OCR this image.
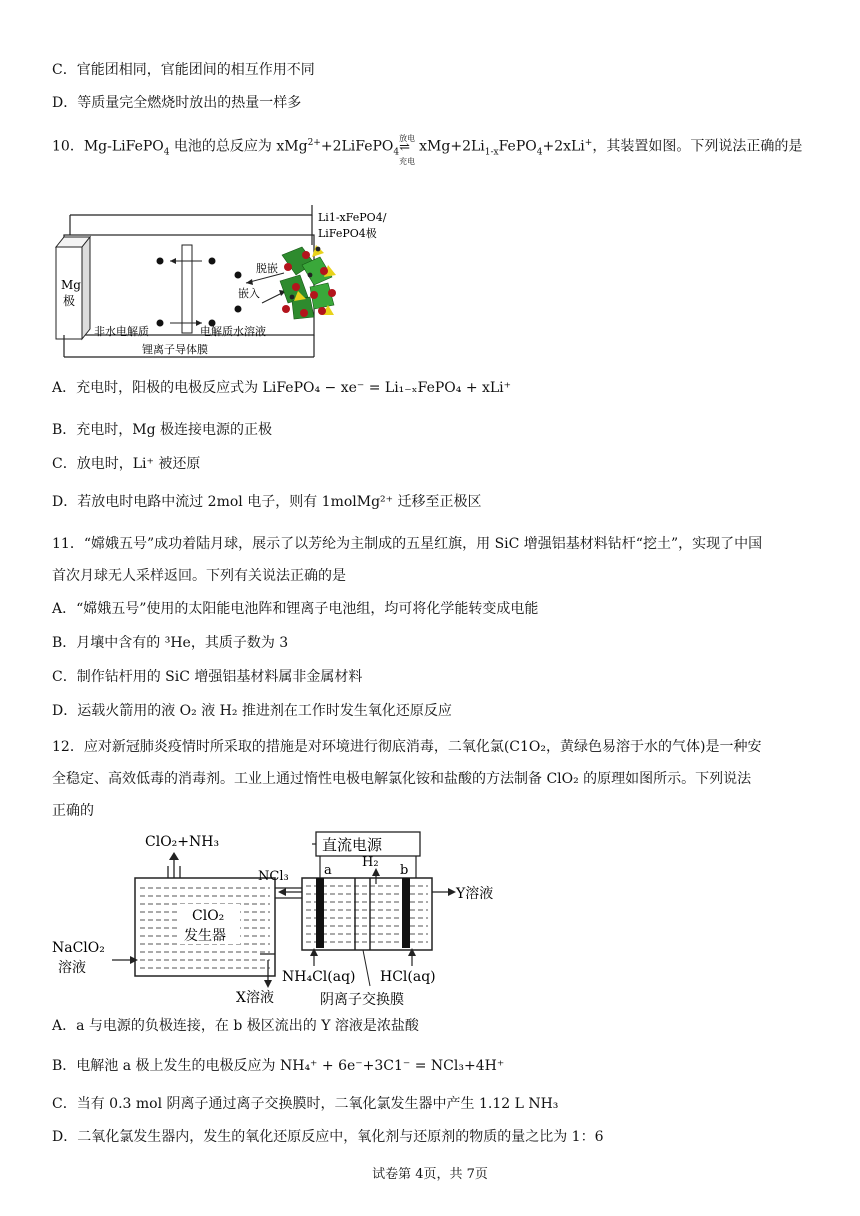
C．官能团相同，官能团间的相互作用不同
D．等质量完全燃烧时放出的热量一样多
10．Mg-LiFePO$_4$ 电池的总反应为 xMg$^{2+}$+2LiFePO$_4$
放电
⇌
充电
$xMg+2Li_{1-x}FePO_4+2xLi^+$，其装置如图。下列说法正确的是
Mg
极
脱嵌
嵌入
Li1-xFePO4/
LiFePO4极
非水电解质	电解质水溶液
锂离子导体膜
A．充电时，阳极的电极反应式为 LiFePO₄ − xe⁻ = Li₁₋ₓFePO₄ + xLi⁺
B．充电时，Mg 极连接电源的正极
C．放电时，Li⁺ 被还原
D．若放电时电路中流过 2mol 电子，则有 1molMg²⁺ 迁移至正极区
11．“嫦娥五号”成功着陆月球，展示了以芳纶为主制成的五星红旗，用 SiC 增强铝基材料钻杆“挖土”，实现了中国
首次月球无人采样返回。下列有关说法正确的是
A．“嫦娥五号”使用的太阳能电池阵和锂离子电池组，均可将化学能转变成电能
B．月壤中含有的 ³He，其质子数为 3
C．制作钻杆用的 SiC 增强铝基材料属非金属材料
D．运载火箭用的液 O₂ 液 H₂ 推进剂在工作时发生氧化还原反应
12．应对新冠肺炎疫情时所采取的措施是对环境进行彻底消毒，二氧化氯(C1O₂，黄绿色易溶于水的气体)是一种安
全稳定、高效低毒的消毒剂。工业上通过惰性电极电解氯化铵和盐酸的方法制备 ClO₂ 的原理如图所示。下列说法
正确的
ClO₂+NH₃
ClO₂
发生器
NaClO₂
溶液
X溶液
NCl₃
直流电源
a	b
H₂
Y溶液
NH₄Cl(aq) HCl(aq)
阴离子交换膜
A．a 与电源的负极连接，在 b 极区流出的 Y 溶液是浓盐酸
B．电解池 a 极上发生的电极反应为 NH₄⁺ + 6e⁻+3C1⁻ = NCl₃+4H⁺
C．当有 0.3 mol 阴离子通过离子交换膜时，二氧化氯发生器中产生 1.12 L NH₃
D．二氧化氯发生器内，发生的氧化还原反应中，氧化剂与还原剂的物质的量之比为 1：6
试卷第 4页，共 7页
